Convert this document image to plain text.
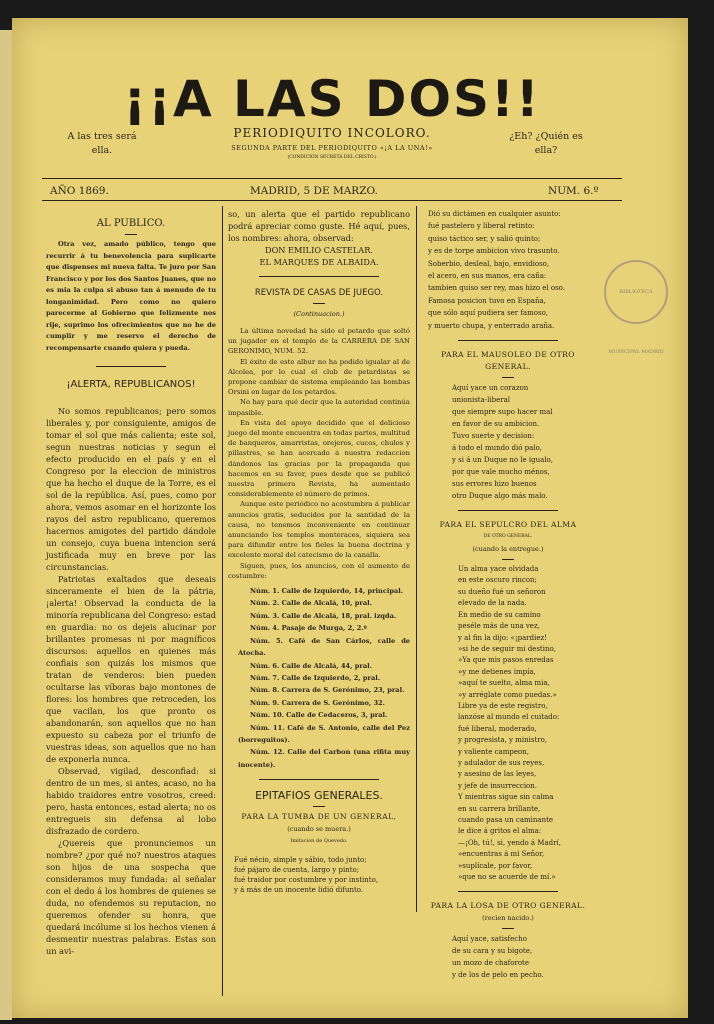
¡¡A LAS DOS!!
PERIODIQUITO INCOLORO.
SEGUNDA PARTE DEL PERIODIQUITO «¡A LA UNA!»
(CONDICION SECRETA DEL CRISTO.)
A las tres será ella.
¿Eh? ¿Quién es ella?
BIBLIOTECA MUNICIPAL MADRID
AÑO 1869.	MADRID, 5 DE MARZO.	NUM. 6.º

AL PUBLICO.

Otra vez, amado público, tengo que recurrir á tu benevolencia para suplicarte que dispenses mi nueva falta. Te juro por San Francisco y por los dos Santos Juanes, que no es mia la culpa si abuso tan á menudo de tu longanimidad. Pero como no quiero parecerme al Gobierno que felizmente nos rije, suprimo los ofrecimientos que no he de cumplir y me reservo el derecho de recompensarte cuando quiera y pueda.

¡ALERTA, REPUBLICANOS!

No somos republicanos; pero somos liberales y, por consiguiente, amigos de tomar el sol que más calienta; este sol, segun nuestras noticias y segun el efecto producido en el país y en el Congreso por la eleccion de ministros que ha hecho el duque de la Torre, es el sol de la república. Así, pues, como por ahora, vemos asomar en el horizonte los rayos del astro republicano, queremos hacernos amigotes del partido dándole un consejo, cuya buena intencion será justificada muy en breve por las circunstancias.

Patriotas exaltados que deseais sinceramente el bien de la pátria, ¡alerta! Observad la conducta de la minoría republicana del Congreso: estad en guardia: no os dejeis alucinar por brillantes promesas ni por magníficos discursos: aquellos en quienes más confiais son quizás los mismos que tratan de venderos: bien pueden ocultarse las víboras bajo montones de flores: los hombres que retroceden, los que vacilan, los que pronto os abandonarán, son aquellos que no han expuesto su cabeza por el triunfo de vuestras ideas, son aquellos que no han de exponerla nunca.

Observad, vigilad, desconfiad: si dentro de un mes, si antes, acaso, no ha habido traidores entre vosotros, creed: pero, hasta entonces, estad alerta; no os entregueis sin defensa al lobo disfrazado de cordero.

¿Quereis que pronunciemos un nombre? ¿por qué no? nuestros ataques son hijos de una sospecha que consideramos muy fundada: al señalar con el dedo á los hombres de quienes se duda, no ofendemos su reputacion, no queremos ofender su honra, que quedará incólume si los hechos vienen á desmentir nuestras palabras. Estas son un avi-

so, un alerta que el partido republicano podrá apreciar como guste. Hé aquí, pues, los nombres: ahora, observad:

DON EMILIO CASTELAR.

EL MARQUES DE ALBAIDA.

REVISTA DE CASAS DE JUEGO.

(Continuacion.)

La última novedad ha sido el petardo que soltó un jugador en el templo de la CARRERA DE SAN GERONIMO, NUM. 52.

El éxito de este albur no ha podido igualar al de Alcolea, por lo cual el club de petardistas se propone cambiar de sistema empleando las bombas Orsini en lugar de los petardos.

No hay para qué decir que la autoridad continúa impasible.

En vista del apoyo decidido que el delicioso juego del monte encuentra en todas partes, multitud de banqueros, amarristas, orejeros, cucos, chulos y pillastres, se han acercado á nuestra redaccion dándonos las gracias por la propaganda que hacemos en su favor, pues desde que se publicó nuestra primera Revista, ha aumentado considerablemente el número de primos.

Aunque este periódico no acostumbra á publicar anuncios gratis, seducidos por la santidad de la causa, no tenemos inconveniente en continuar anunciando los templos monteraces, siquiera sea para difundir entre los fieles la buena doctrina y excelente moral del catecismo de la canalla.

Siguen, pues, los anuncios, con el aumento de costumbre:

Núm. 1. Calle de Izquierdo, 14, principal.

Núm. 2. Calle de Alcalá, 10, pral.

Núm. 3. Calle de Alcalá, 18, pral. izqda.

Núm. 4. Pasaje de Murga, 2, 2.º

Núm. 5. Café de San Cárlos, calle de Atocha.

Núm. 6. Calle de Alcalá, 44, pral.

Núm. 7. Calle de Izquierdo, 2, pral.

Núm. 8. Carrera de S. Gerónimo, 23, pral.

Núm. 9. Carrera de S. Gerónimo, 32.

Núm. 10. Calle de Cedaceros, 3, pral.

Núm. 11. Café de S. Antonio, calle del Pez (borreguitos).

Núm. 12. Calle del Carbon (una rifita muy inocente).

EPITAFIOS GENERALES.

PARA LA TUMBA DE UN GENERAL,

(cuando se muera.)

Imitacion de Quevedo.

Fué nécio, simple y sábio, todo junto;

fué pájaro de cuenta, largo y pinto;

fué traidor por costumbre y por instinto,

y á más de un inocente lidió difunto.

Dió su dictámen en cualquier asunto:

fué pastelero y liberal retinto:

quiso táctico ser, y salió quinto;

y es de torpe ambicion vivo trasunto.

Soberbio, desleal, bajo, envidioso,

el acero, en sus manos, era caña:

tambien quiso ser rey, mas hizo el oso.

Famosa posicion tuvo en España,

que sólo aquí pudiera ser famoso,

y muerto chupa, y enterrado araña.

PARA EL MAUSOLEO DE OTRO GENERAL.

Aquí yace un corazon

unionista-liberal

que siempre supo hacer mal

en favor de su ambicion.

Tuvo suerte y decision:

á todo el mundo dió palo,

y si á un Duque no le igualo,

por que vale mucho ménos,

sus errores hizo buenos

otro Duque algo más malo.

PARA EL SEPULCRO DEL ALMA

DE OTRO GENERAL.

(cuando la entregue.)

Un alma yace olvidada

en este oscuro rincon;

su dueño fué un señoron

elevado de la nada.

En medio de su camino

peséle más de una vez,

y al fin la dijo: «¡pardiez!

»si he de seguir mi destino,

»Ya que mis pasos enredas

»y me detienes impía,

»aquí te suelto, alma mia,

»y arréglate como puedas.»

Libre ya de este registro,

lanzóse al mundo el cuitado:

fué liberal, moderado,

y progresista, y ministro,

y valiente campeon,

y adulador de sus reyes,

y asesino de las leyes,

y jefe de insurreccion.

Y mientras sigue sin calma

en su carrera brillante,

cuando pasa un caminante

le dice á gritos el alma:

—¡Oh, tú!, si, yendo á Madrí,

»encuentras á mi Señor,

»suplícale, por favor,

»que no se acuerde de mí.»

PARA LA LOSA DE OTRO GENERAL.

(recien nacido.)

Aquí yace, satisfecho

de su cara y su bigote,

un mozo de chaforote

y de los de pelo en pecho.
